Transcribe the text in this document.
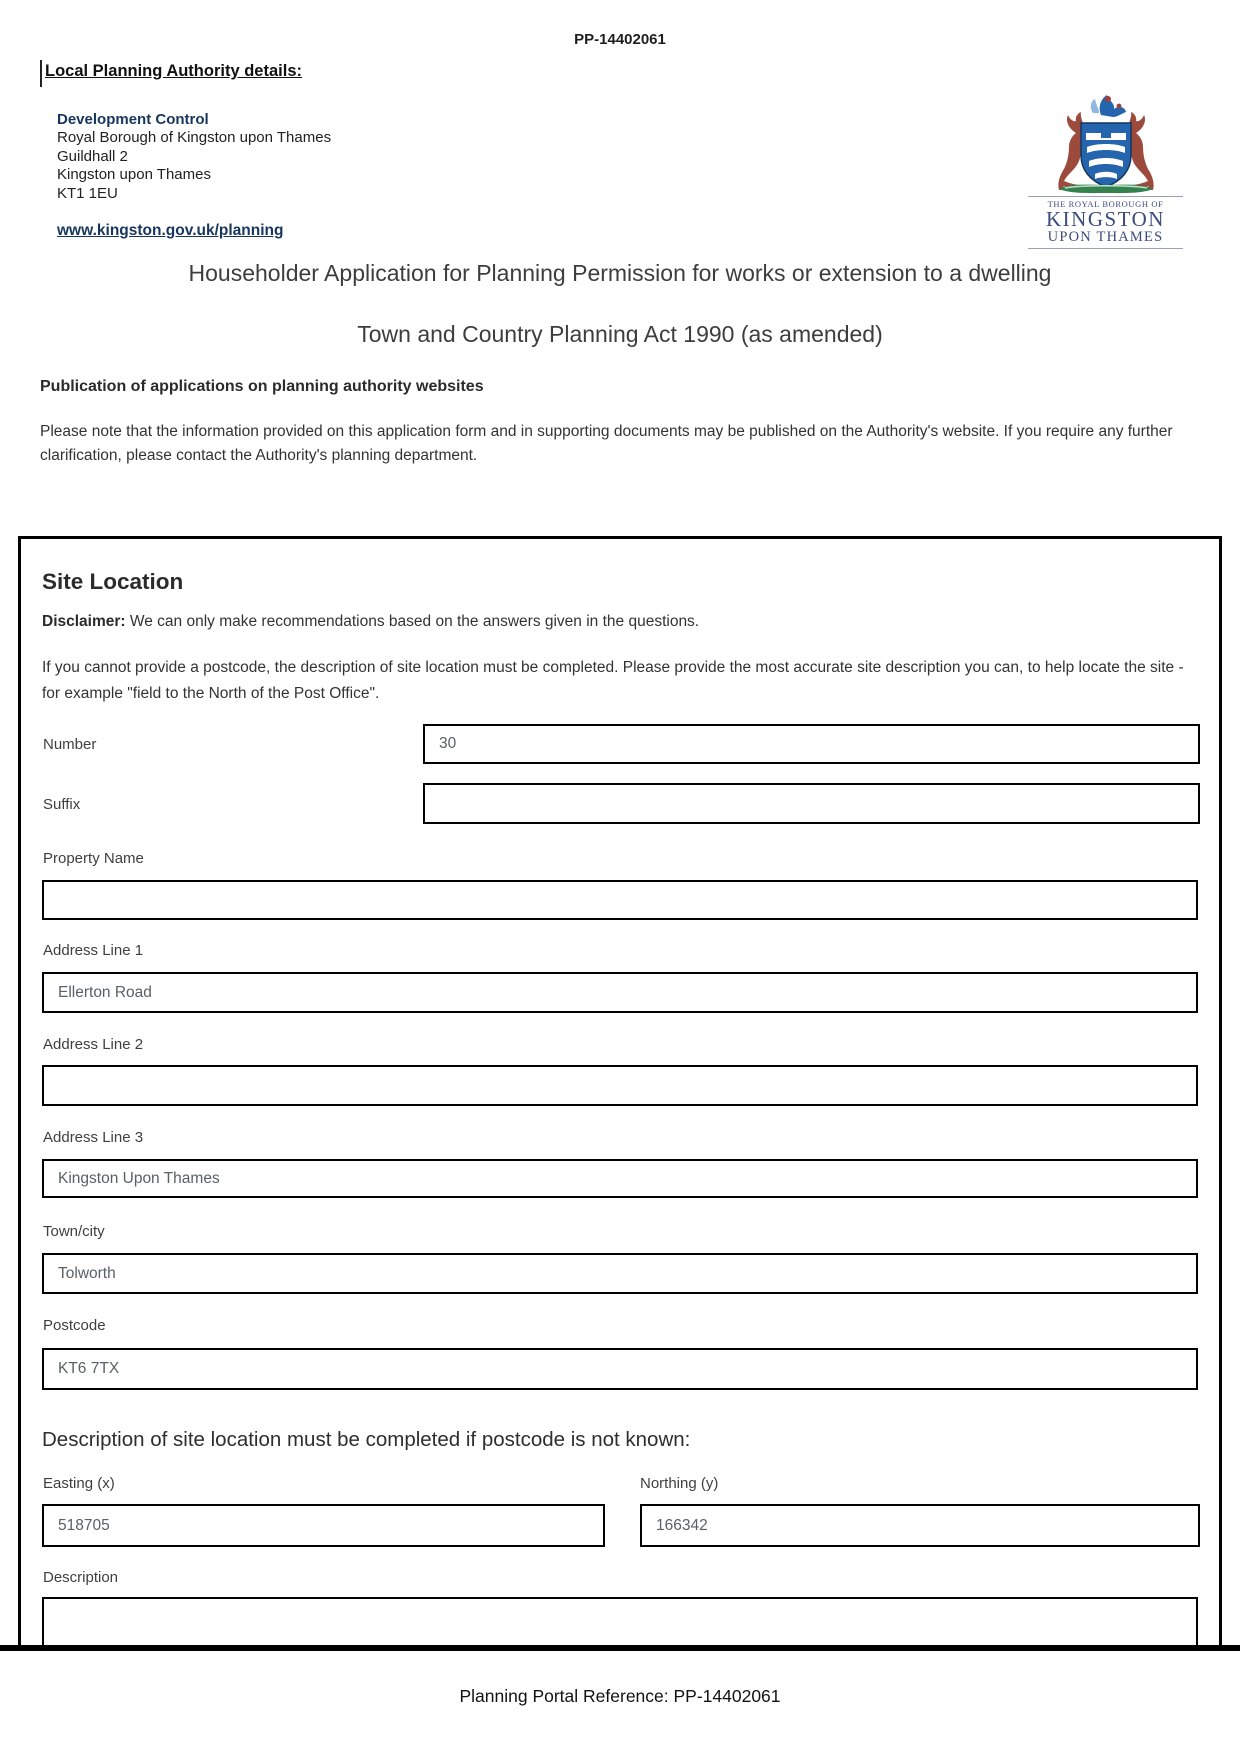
PP-14402061
Local Planning Authority details:
Development Control
Royal Borough of Kingston upon Thames
Guildhall 2
Kingston upon Thames
KT1 1EU
www.kingston.gov.uk/planning
THE ROYAL BOROUGH OF
KINGSTON
UPON THAMES
Householder Application for Planning Permission for works or extension to a dwelling
Town and Country Planning Act 1990 (as amended)
Publication of applications on planning authority websites
Please note that the information provided on this application form and in supporting documents may be published on the Authority's website. If you require any further clarification, please contact the Authority's planning department.
Site Location
Disclaimer: We can only make recommendations based on the answers given in the questions.
If you cannot provide a postcode, the description of site location must be completed. Please provide the most accurate site description you can, to help locate the site - for example "field to the North of the Post Office".
Number
30
Suffix
Property Name
Address Line 1
Ellerton Road
Address Line 2
Address Line 3
Kingston Upon Thames
Town/city
Tolworth
Postcode
KT6 7TX
Description of site location must be completed if postcode is not known:
Easting (x)
518705	Northing (y)
166342
Description
Planning Portal Reference: PP-14402061
